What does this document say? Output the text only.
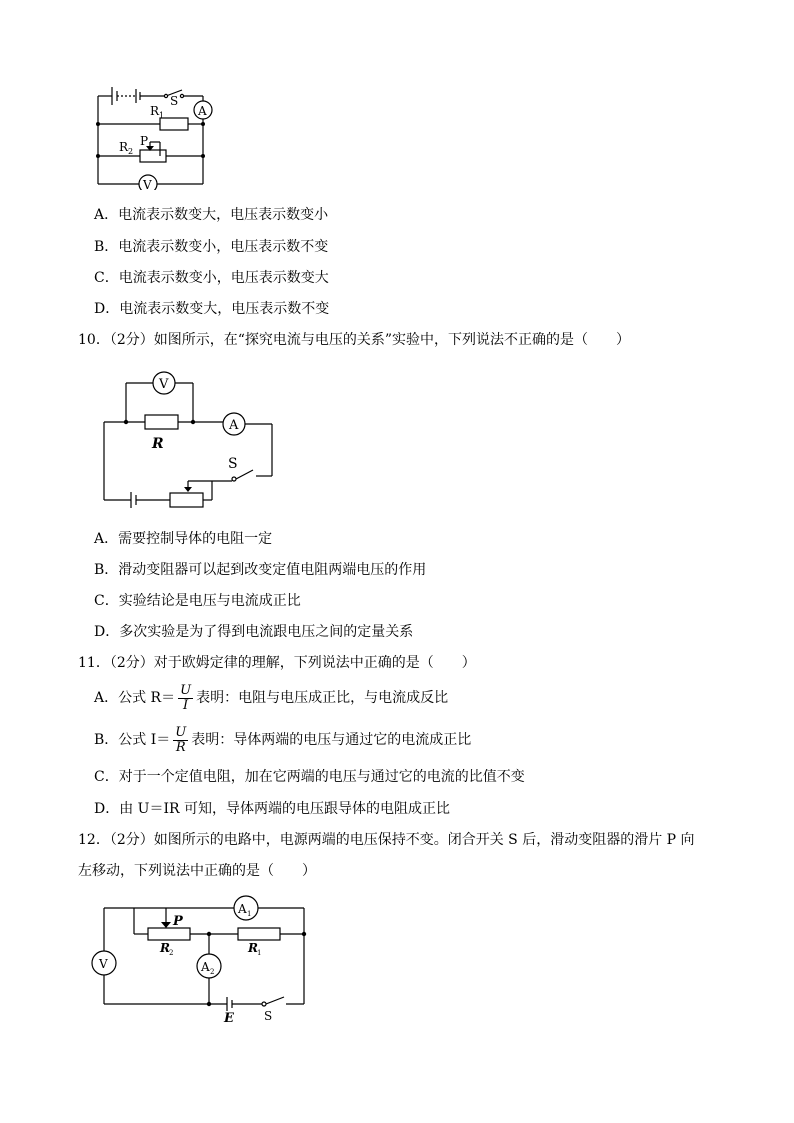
A
V
R 1
S
R 2
P
A．电流表示数变大，电压表示数变小
B．电流表示数变小，电压表示数不变
C．电流表示数变小，电压表示数变大
D．电流表示数变大，电压表示数不变
10．（2分）如图所示，在“探究电流与电压的关系”实验中，下列说法不正确的是（　　）
V
R
A
S
A．需要控制导体的电阻一定
B．滑动变阻器可以起到改变定值电阻两端电压的作用
C．实验结论是电压与电流成正比
D．多次实验是为了得到电流跟电压之间的定量关系
11．（2分）对于欧姆定律的理解，下列说法中正确的是（　　）
A．公式 $R= \frac{U}{I}$ 表明：电阻与电压成正比，与电流成反比
B．公式 $I= \frac{U}{R}$ 表明：导体两端的电压与通过它的电流成正比
C．对于一个定值电阻，加在它两端的电压与通过它的电流的比值不变
D．由 U＝IR 可知，导体两端的电压跟导体的电阻成正比
12．（2分）如图所示的电路中，电源两端的电压保持不变。闭合开关 S 后，滑动变阻器的滑片 P 向
左移动，下列说法中正确的是（　　）
P
A 1
R 2	R 1
A 2
V
E	S
